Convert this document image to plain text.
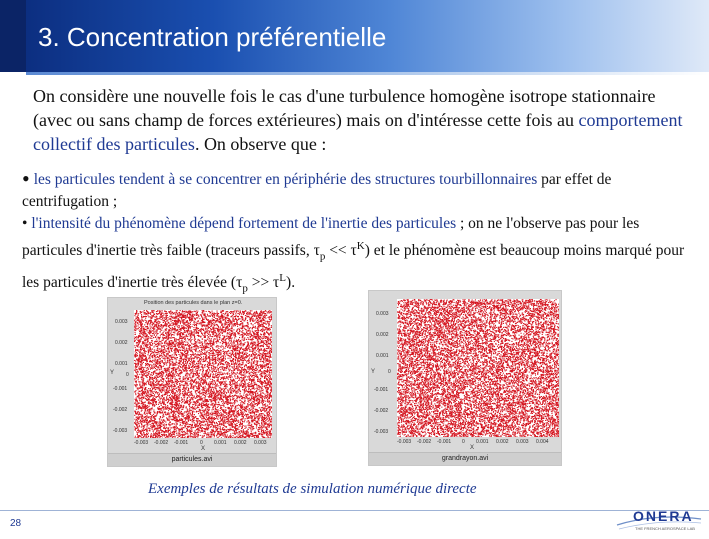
3. Concentration préférentielle

On considère une nouvelle fois le cas d'une turbulence homogène isotrope stationnaire (avec ou sans champ de forces extérieures) mais on d'intéresse cette fois au comportement collectif des particules. On observe que :

• les particules tendent à se concentrer en périphérie des structures tourbillonnaires par effet de centrifugation ;

• l'intensité du phénomène dépend fortement de l'inertie des particules ; on ne l'observe pas pour les particules d'inertie très faible (traceurs passifs, $\tau_p << \tau^K$) et le phénomène est beaucoup moins marqué pour les particules d'inertie très élevée $(\tau_p >> \tau^L)$.

Position des particules dans le plan z=0.
0.003
0.002
0.001
0
-0.001
-0.002
-0.003
Y
-0.003 -0.002 -0.001 0 0.001 0.002 0.003
X
particules.avi
0.003
0.002
0.001
0
-0.001
-0.002
-0.003
Y
-0.003 -0.002 -0.001 0 0.001 0.002 0.003 0.004
X
grandrayon.avi
Exemples de résultats de simulation numérique directe
28	ONERA
THE FRENCH AEROSPACE LAB
